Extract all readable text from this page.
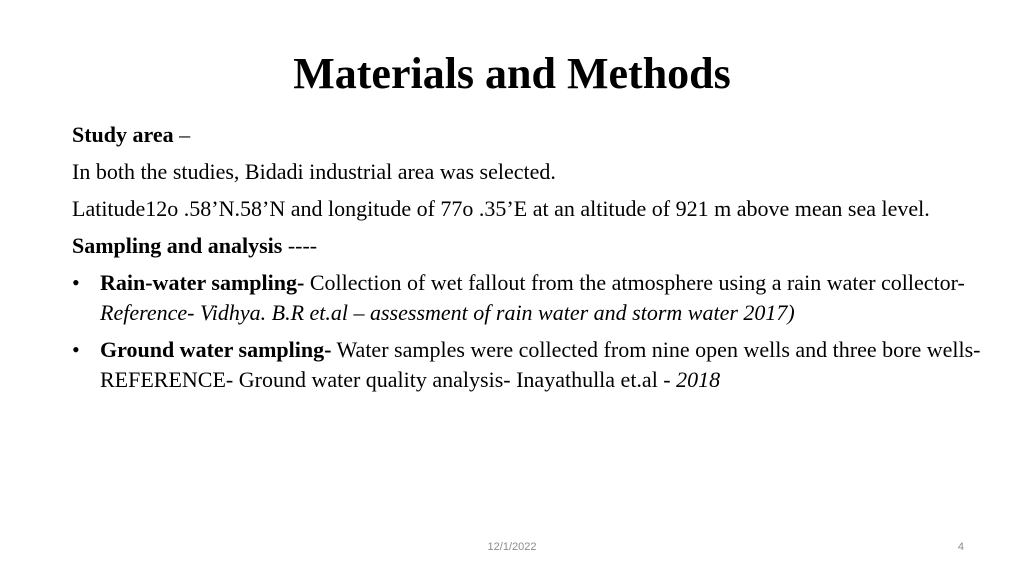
Materials and Methods

Study area –

In both the studies, Bidadi industrial area was selected.

Latitude12o .58’N.58’N and longitude of 77o .35’E at an altitude of 921 m above mean sea level.

Sampling and analysis ----

• Rain-water sampling- Collection of wet fallout from the atmosphere using a rain water collector- Reference- Vidhya. B.R et.al – assessment of rain water and storm water 2017)
• Ground water sampling- Water samples were collected from nine open wells and three bore wells- REFERENCE- Ground water quality analysis- Inayathulla et.al - 2018
12/1/2022	4
